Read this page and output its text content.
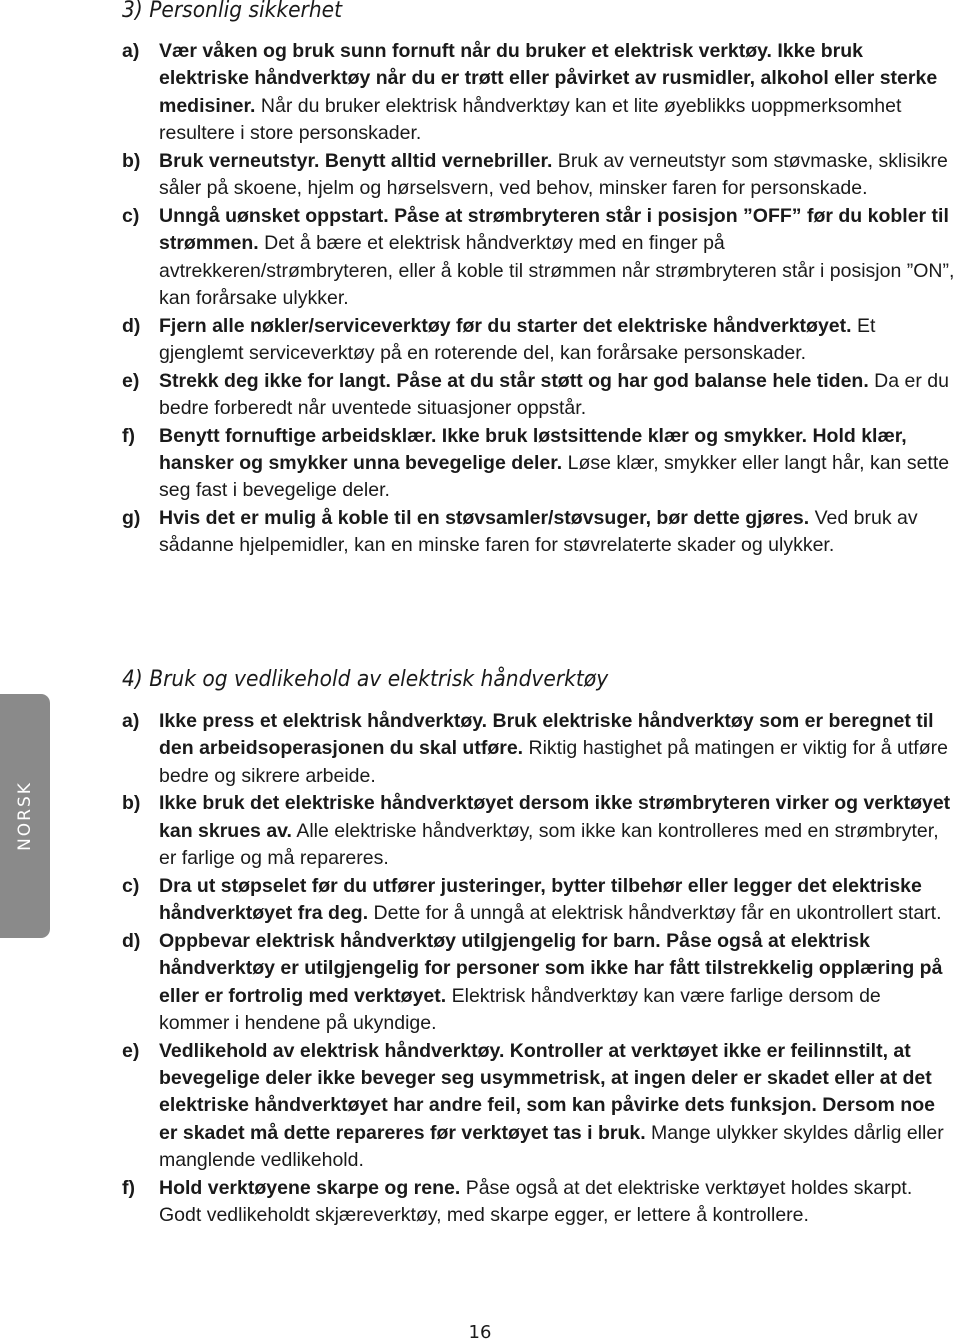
NORSK
3) Personlig sikkerhet
a)	Vær våken og bruk sunn fornuft når du bruker et elektrisk verktøy. Ikke bruk elektriske håndverktøy når du er trøtt eller påvirket av rusmidler, alkohol eller sterke medisiner. Når du bruker elektrisk håndverktøy kan et lite øyeblikks uoppmerksomhet resultere i store personskader.
b) Bruk verneutstyr. Benytt alltid vernebriller. Bruk av verneutstyr som støvmaske, sklisikre såler på skoene, hjelm og hørselsvern, ved behov, minsker faren for personskade.
c)	Unngå uønsket oppstart. Påse at strømbryteren står i posisjon ”OFF” før du kobler til strømmen. Det å bære et elektrisk håndverktøy med en finger på avtrekkeren/strømbryteren, eller å koble til strømmen når strømbryteren står i posisjon ”ON”, kan forårsake ulykker.
d) Fjern alle nøkler/serviceverktøy før du starter det elektriske håndverktøyet. Et gjenglemt serviceverktøy på en roterende del, kan forårsake personskader.
e)	Strekk deg ikke for langt. Påse at du står støtt og har god balanse hele tiden. Da er du bedre forberedt når uventede situasjoner oppstår.
f)	Benytt fornuftige arbeidsklær. Ikke bruk løstsittende klær og smykker. Hold klær, hansker og smykker unna bevegelige deler. Løse klær, smykker eller langt hår, kan sette seg fast i bevegelige deler.
g) Hvis det er mulig å koble til en støvsamler/støvsuger, bør dette gjøres. Ved bruk av sådanne hjelpemidler, kan en minske faren for støvrelaterte skader og ulykker.
4) Bruk og vedlikehold av elektrisk håndverktøy
a)	Ikke press et elektrisk håndverktøy. Bruk elektriske håndverktøy som er beregnet til den arbeidsoperasjonen du skal utføre. Riktig hastighet på matingen er viktig for å utføre bedre og sikrere arbeide.
b) Ikke bruk det elektriske håndverktøyet dersom ikke strømbryteren virker og verktøyet kan skrues av. Alle elektriske håndverktøy, som ikke kan kontrolleres med en strømbryter, er farlige og må repareres.
c)	Dra ut støpselet før du utfører justeringer, bytter tilbehør eller legger det elektriske håndverktøyet fra deg. Dette for å unngå at elektrisk håndverktøy får en ukontrollert start.
d) Oppbevar elektrisk håndverktøy utilgjengelig for barn. Påse også at elektrisk håndverktøy er utilgjengelig for personer som ikke har fått tilstrekkelig opplæring på eller er fortrolig med verktøyet. Elektrisk håndverktøy kan være farlige dersom de kommer i hendene på ukyndige.
e)	Vedlikehold av elektrisk håndverktøy. Kontroller at verktøyet ikke er feilinnstilt, at bevegelige deler ikke beveger seg usymmetrisk, at ingen deler er skadet eller at det elektriske håndverktøyet har andre feil, som kan påvirke dets funksjon. Dersom noe er skadet må dette repareres før verktøyet tas i bruk. Mange ulykker skyldes dårlig eller manglende vedlikehold.
f)	Hold verktøyene skarpe og rene. Påse også at det elektriske verktøyet holdes skarpt. Godt vedlikeholdt skjæreverktøy, med skarpe egger, er lettere å kontrollere.
16
